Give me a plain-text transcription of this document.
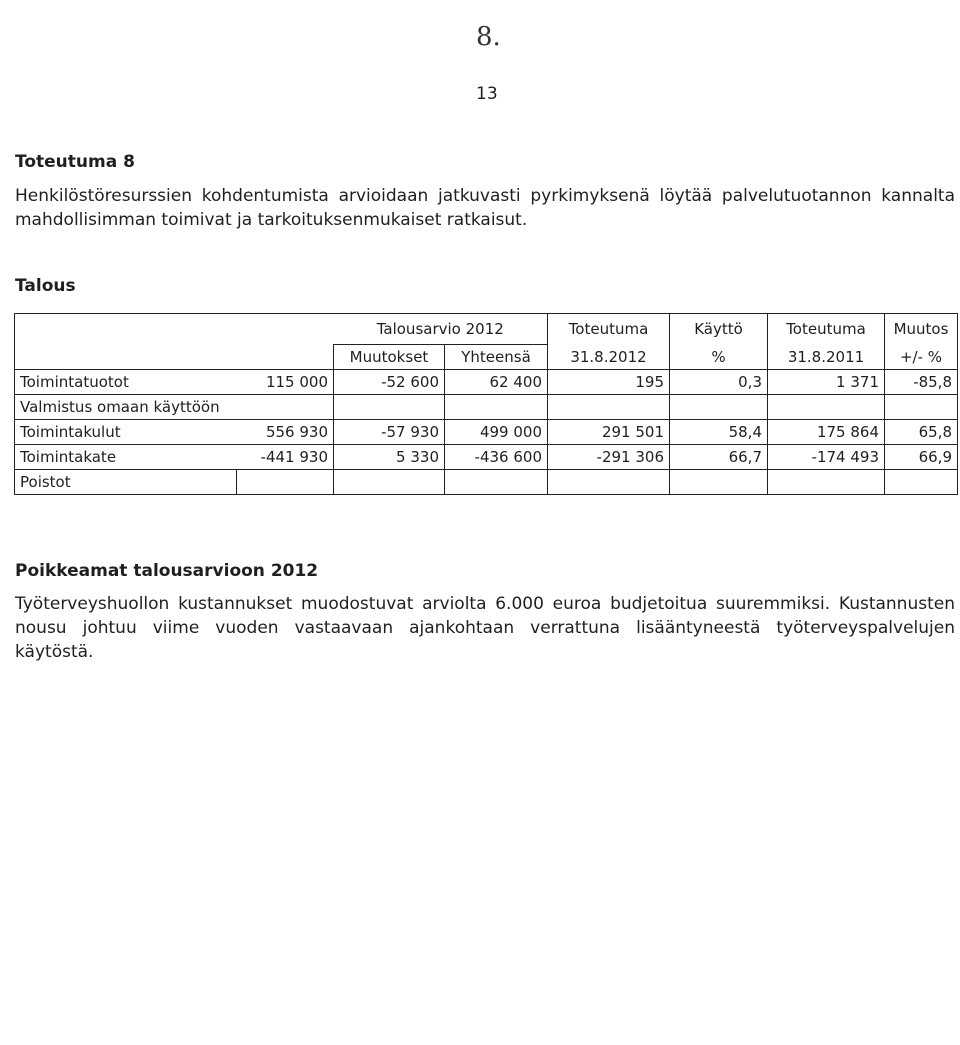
8.
13
Toteutuma 8

Henkilöstöresurssien kohdentumista arvioidaan jatkuvasti pyrkimyksenä löytää palvelutuotannon kannalta
mahdollisimman toimivat ja tarkoituksenmukaiset ratkaisut.

Talous
		Talousarvio 2012		Toteutuma	Käyttö	Toteutuma	Muutos
		Muutokset	Yhteensä	31.8.2012	%	31.8.2011	+/- %
Toimintatuotot	115 000	-52 600	62 400	195	0,3	1 371	-85,8
Valmistus omaan käyttöön							
Toimintakulut	556 930	-57 930	499 000	291 501	58,4	175 864	65,8
Toimintakate	-441 930	5 330	-436 600	-291 306	66,7	-174 493	66,9
Poistot							
Poikkeamat talousarvioon 2012

Työterveyshuollon kustannukset muodostuvat arviolta 6.000 euroa budjetoitua suuremmiksi. Kustannusten
nousu johtuu viime vuoden vastaavaan ajankohtaan verrattuna lisääntyneestä työterveyspalvelujen
käytöstä.
